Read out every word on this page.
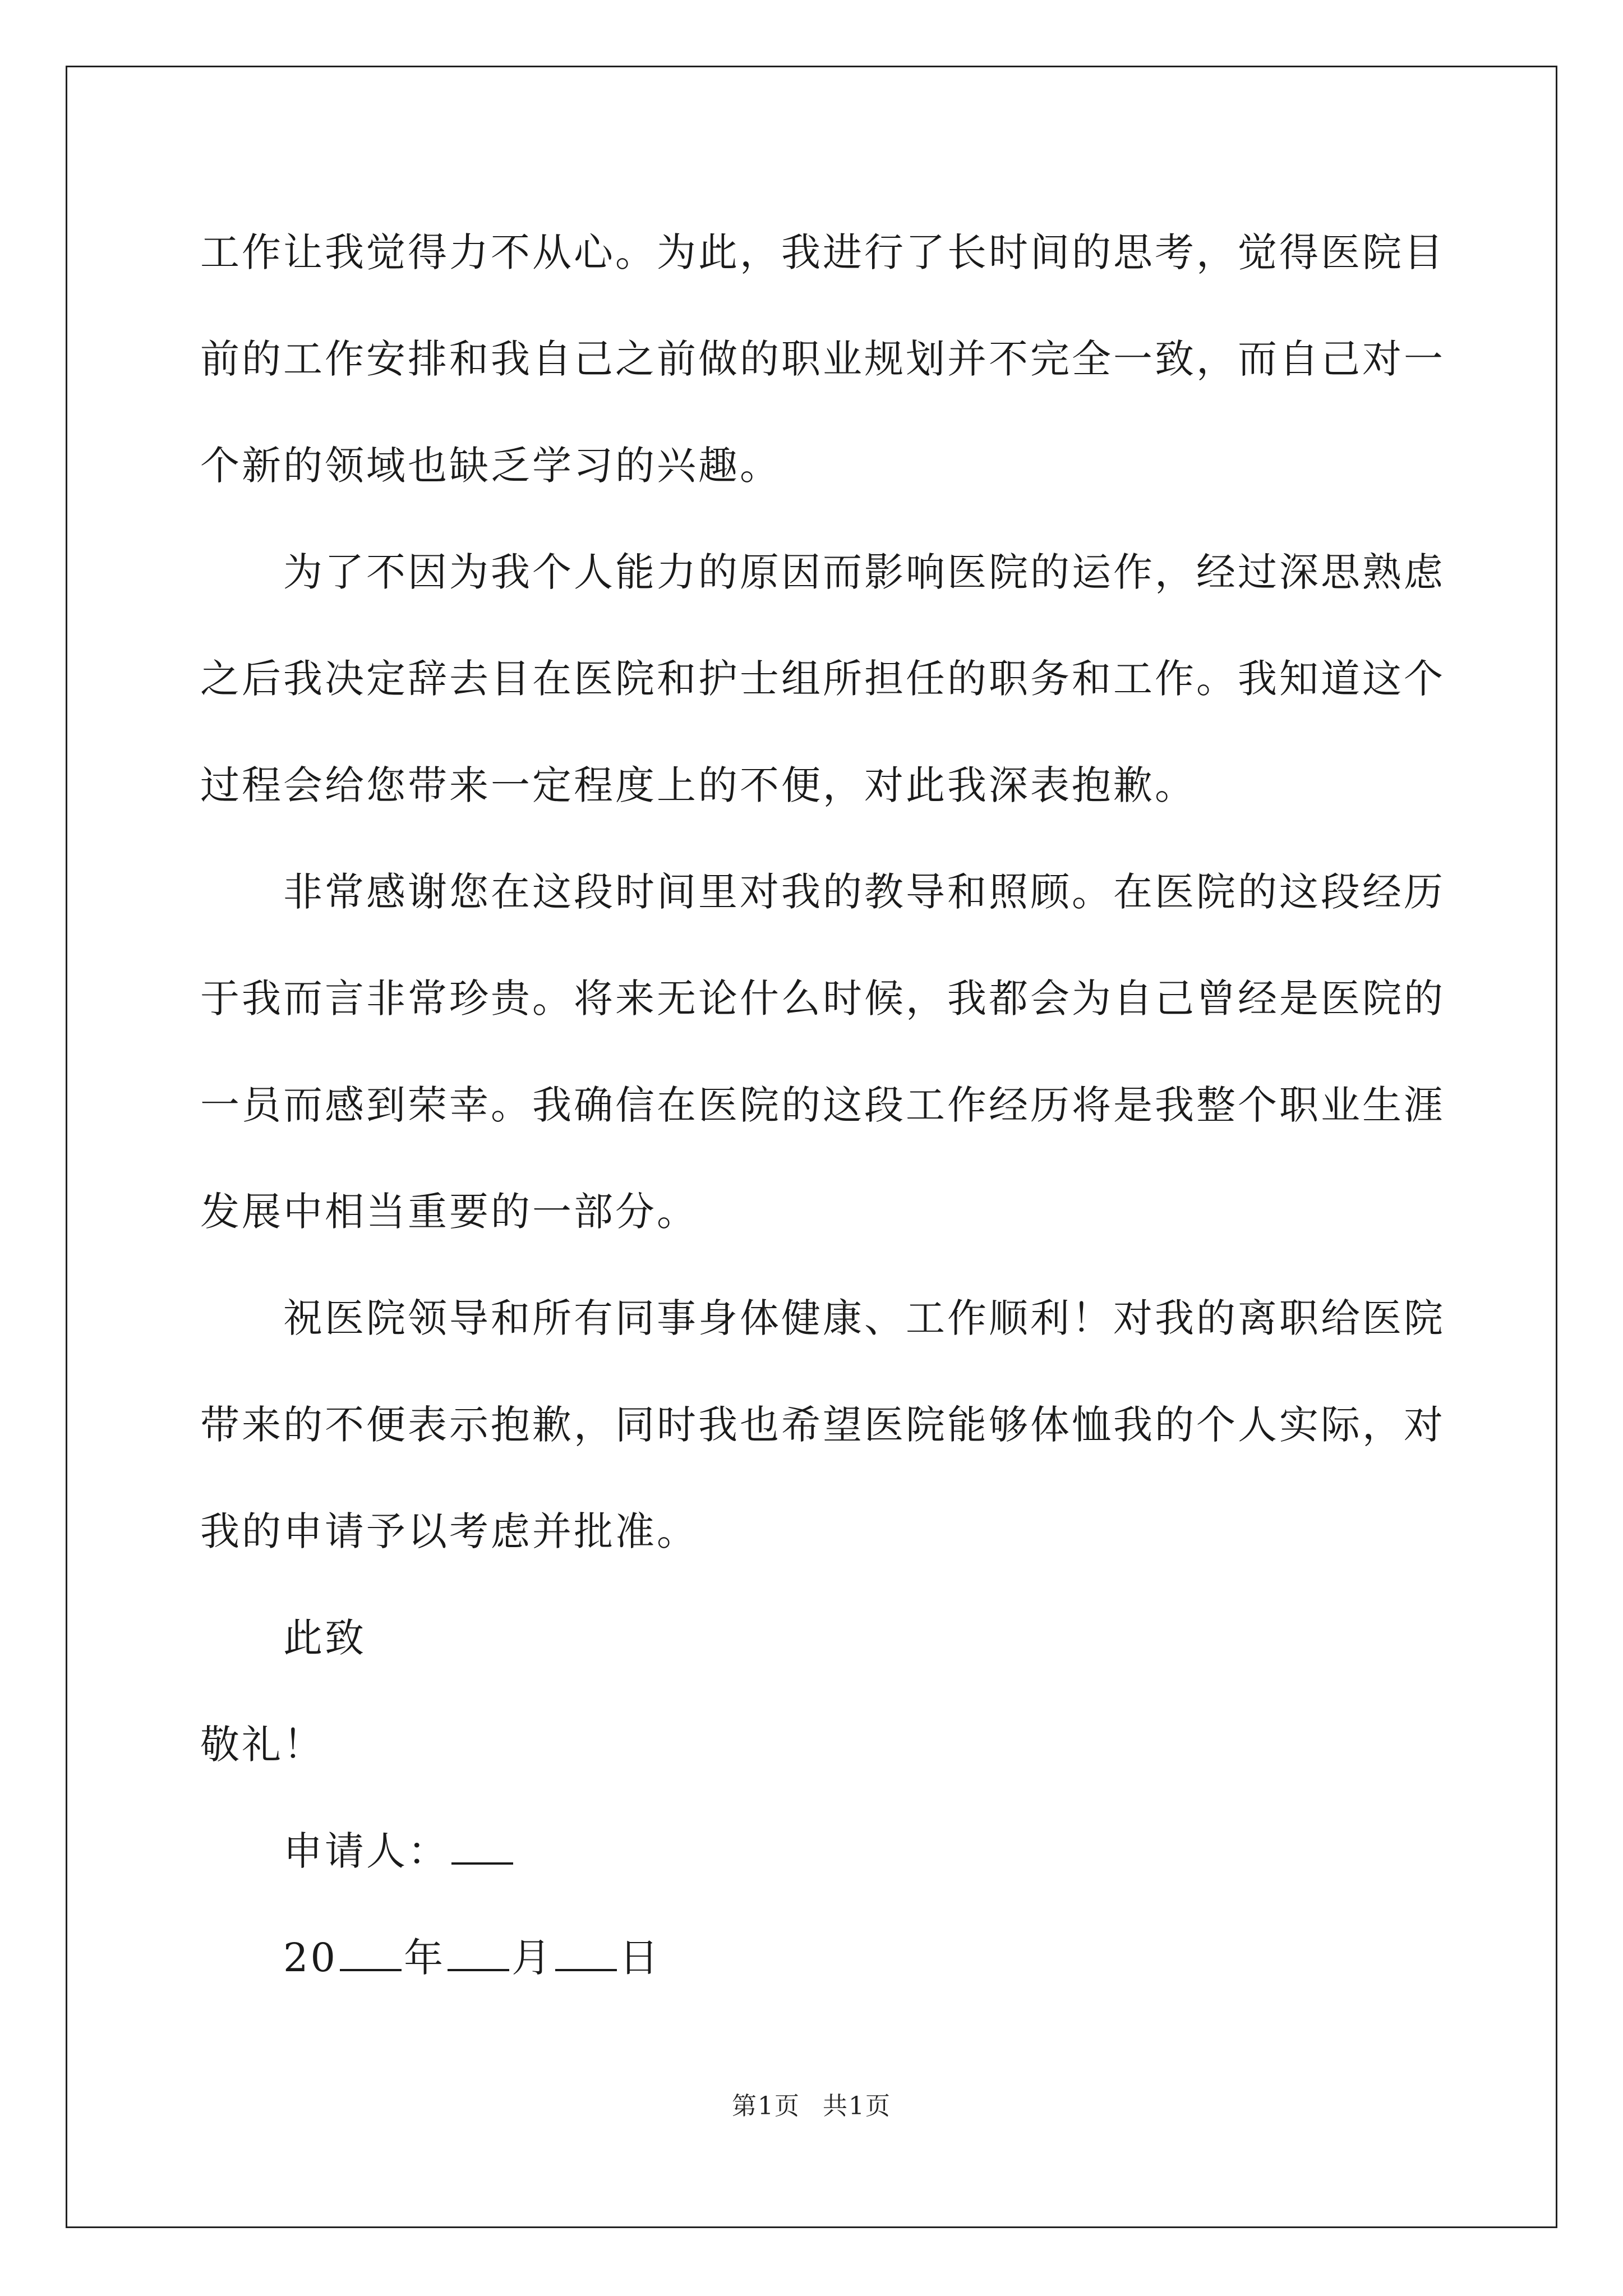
工作让我觉得力不从心。为此，我进行了长时间的思考，觉得医院目
前的工作安排和我自己之前做的职业规划并不完全一致，而自己对一
个新的领域也缺乏学习的兴趣。
为了不因为我个人能力的原因而影响医院的运作，经过深思熟虑
之后我决定辞去目在医院和护士组所担任的职务和工作。我知道这个
过程会给您带来一定程度上的不便，对此我深表抱歉。
非常感谢您在这段时间里对我的教导和照顾。在医院的这段经历
于我而言非常珍贵。将来无论什么时候，我都会为自己曾经是医院的
一员而感到荣幸。我确信在医院的这段工作经历将是我整个职业生涯
发展中相当重要的一部分。
祝医院领导和所有同事身体健康、工作顺利！对我的离职给医院
带来的不便表示抱歉，同时我也希望医院能够体恤我的个人实际，对
我的申请予以考虑并批准。
此致
敬礼！
申请人：
20 年 月 日
第1页 共1页
